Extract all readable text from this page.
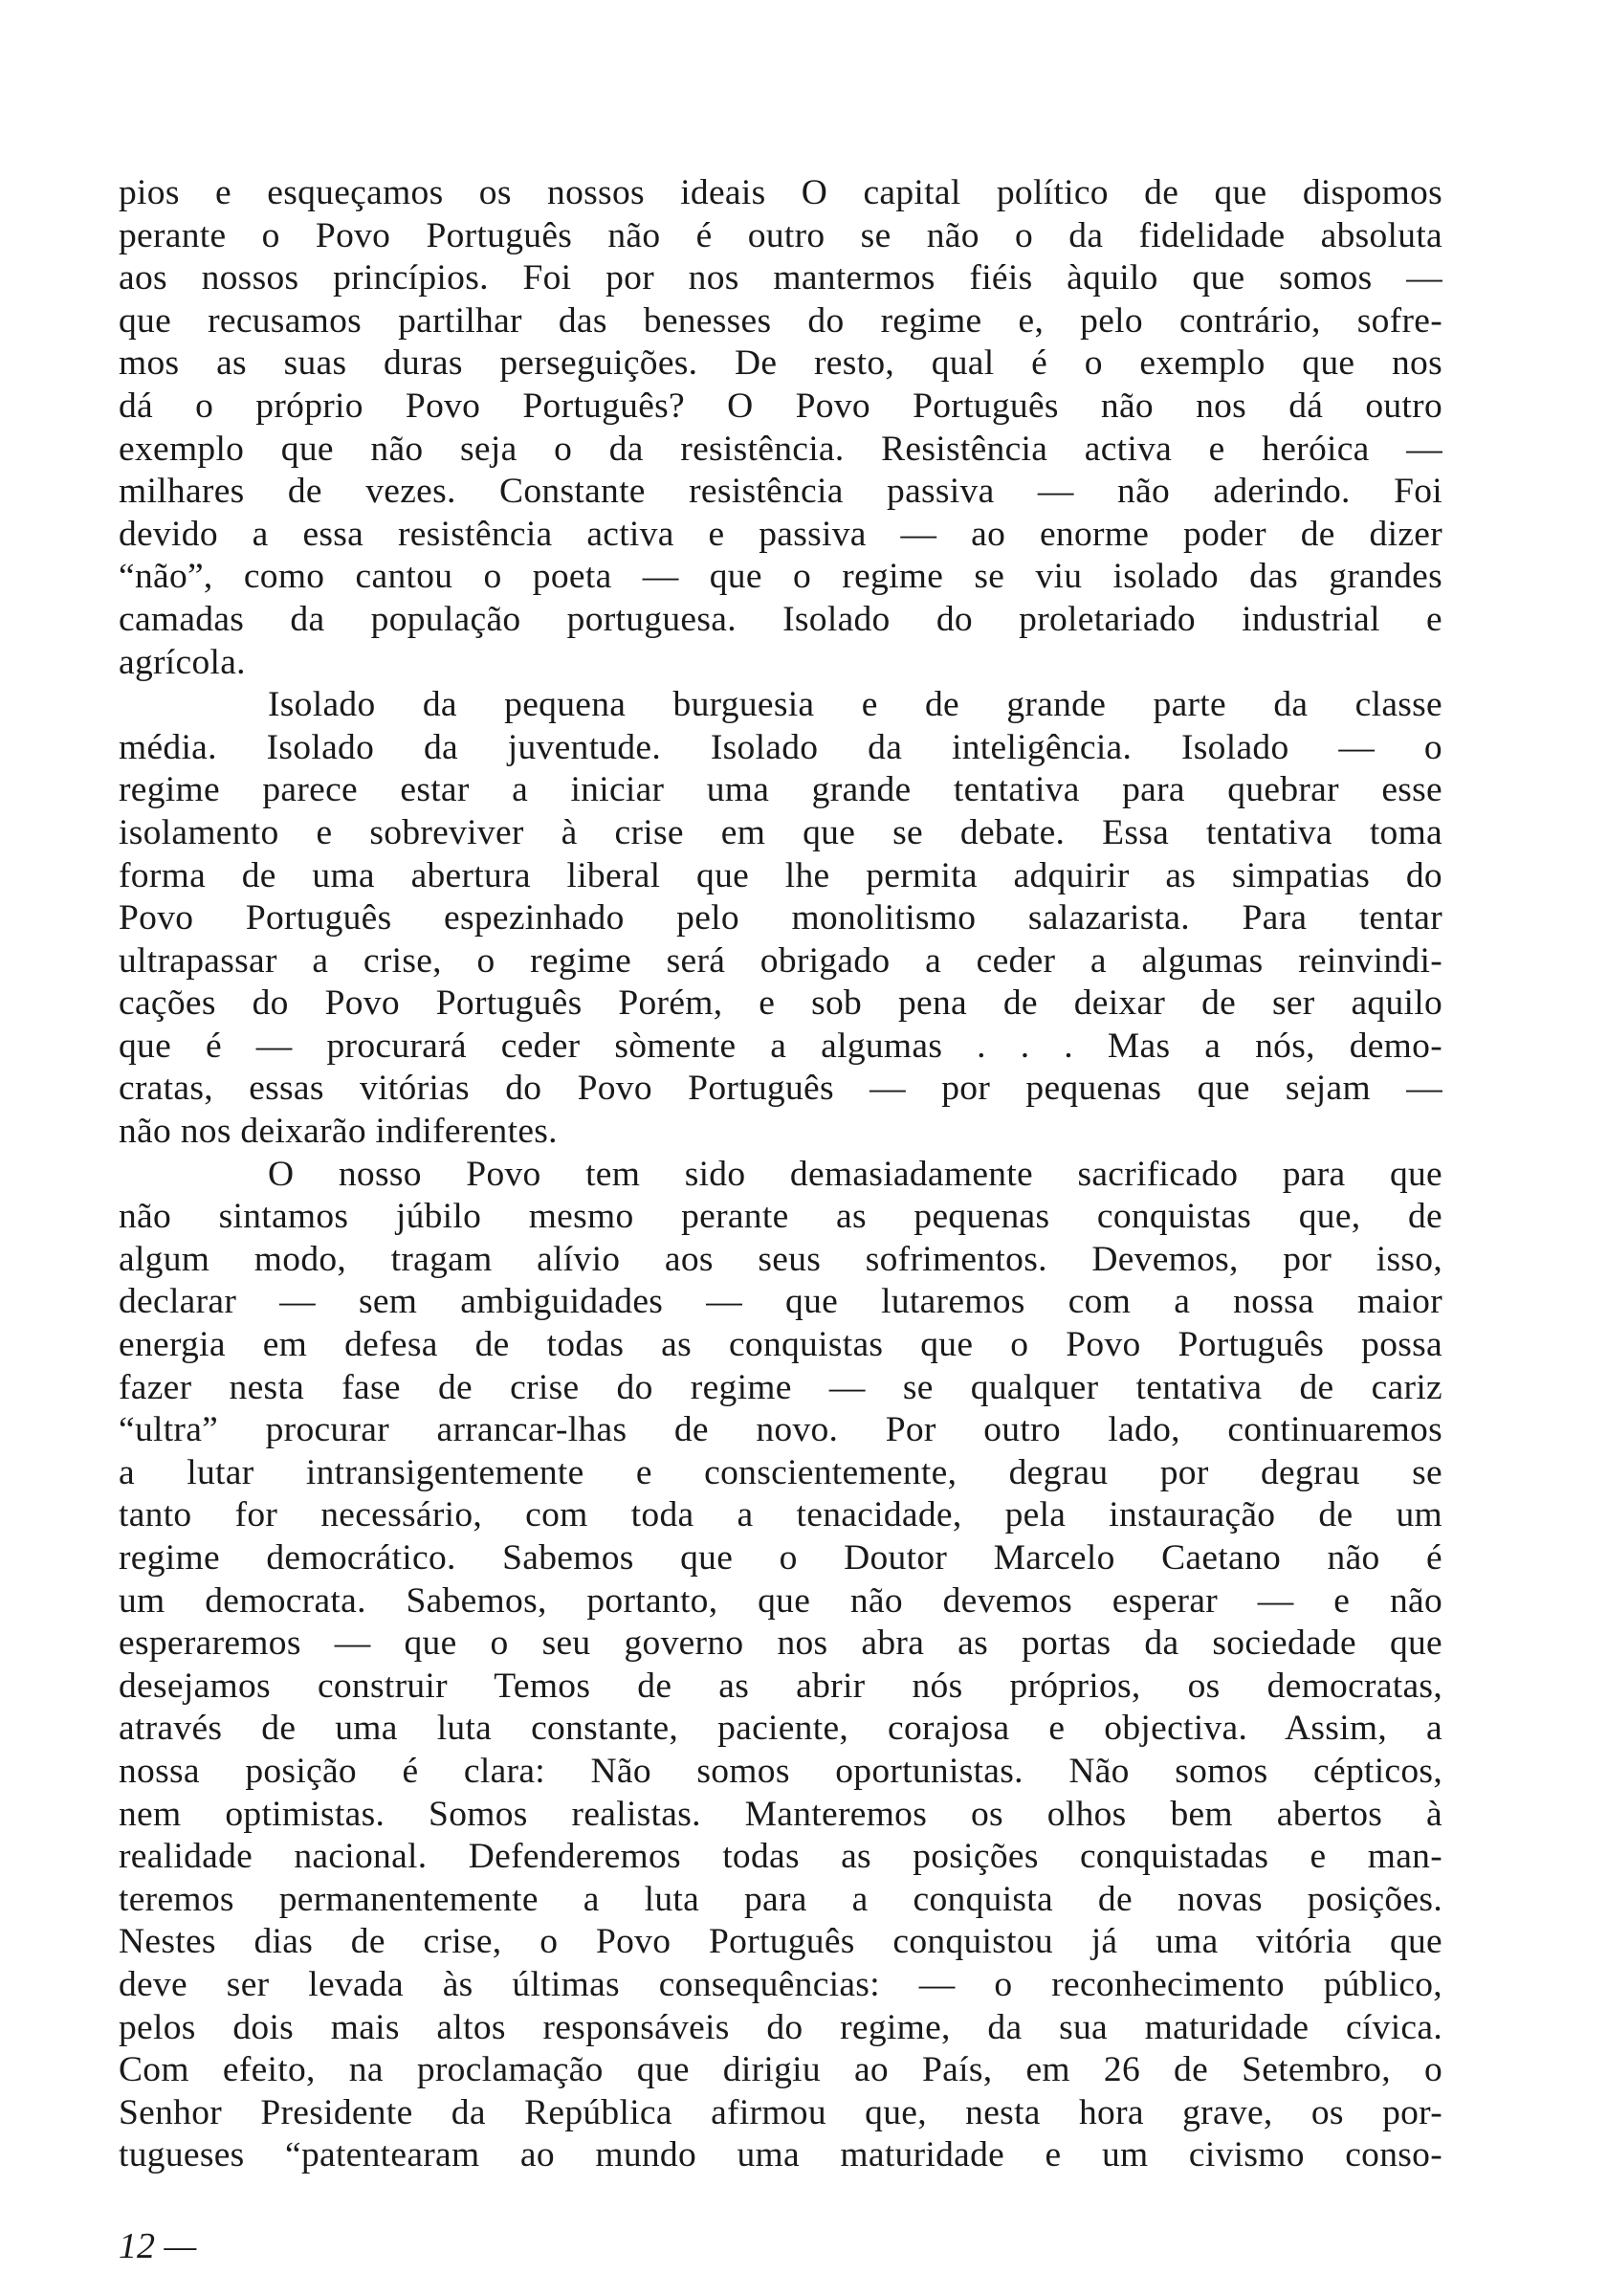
pios e esqueçamos os nossos ideais O capital político de que dispomos
perante o Povo Português não é outro se não o da fidelidade absoluta
aos nossos princípios. Foi por nos mantermos fiéis àquilo que somos —
que recusamos partilhar das benesses do regime e, pelo contrário, sofre-
mos as suas duras perseguições. De resto, qual é o exemplo que nos
dá o próprio Povo Português? O Povo Português não nos dá outro
exemplo que não seja o da resistência. Resistência activa e heróica —
milhares de vezes. Constante resistência passiva — não aderindo. Foi
devido a essa resistência activa e passiva — ao enorme poder de dizer
“não”, como cantou o poeta — que o regime se viu isolado das grandes
camadas da população portuguesa. Isolado do proletariado industrial e
agrícola.
Isolado da pequena burguesia e de grande parte da classe
média. Isolado da juventude. Isolado da inteligência. Isolado — o
regime parece estar a iniciar uma grande tentativa para quebrar esse
isolamento e sobreviver à crise em que se debate. Essa tentativa toma
forma de uma abertura liberal que lhe permita adquirir as simpatias do
Povo Português espezinhado pelo monolitismo salazarista. Para tentar
ultrapassar a crise, o regime será obrigado a ceder a algumas reinvindi-
cações do Povo Português Porém, e sob pena de deixar de ser aquilo
que é — procurará ceder sòmente a algumas . . . Mas a nós, demo-
cratas, essas vitórias do Povo Português — por pequenas que sejam —
não nos deixarão indiferentes.
O nosso Povo tem sido demasiadamente sacrificado para que
não sintamos júbilo mesmo perante as pequenas conquistas que, de
algum modo, tragam alívio aos seus sofrimentos. Devemos, por isso,
declarar — sem ambiguidades — que lutaremos com a nossa maior
energia em defesa de todas as conquistas que o Povo Português possa
fazer nesta fase de crise do regime — se qualquer tentativa de cariz
“ultra” procurar arrancar-lhas de novo. Por outro lado, continuaremos
a lutar intransigentemente e conscientemente, degrau por degrau se
tanto for necessário, com toda a tenacidade, pela instauração de um
regime democrático. Sabemos que o Doutor Marcelo Caetano não é
um democrata. Sabemos, portanto, que não devemos esperar — e não
esperaremos — que o seu governo nos abra as portas da sociedade que
desejamos construir Temos de as abrir nós próprios, os democratas,
através de uma luta constante, paciente, corajosa e objectiva. Assim, a
nossa posição é clara: Não somos oportunistas. Não somos cépticos,
nem optimistas. Somos realistas. Manteremos os olhos bem abertos à
realidade nacional. Defenderemos todas as posições conquistadas e man-
teremos permanentemente a luta para a conquista de novas posições.
Nestes dias de crise, o Povo Português conquistou já uma vitória que
deve ser levada às últimas consequências: — o reconhecimento público,
pelos dois mais altos responsáveis do regime, da sua maturidade cívica.
Com efeito, na proclamação que dirigiu ao País, em 26 de Setembro, o
Senhor Presidente da República afirmou que, nesta hora grave, os por-
tugueses “patentearam ao mundo uma maturidade e um civismo conso-
12 —
